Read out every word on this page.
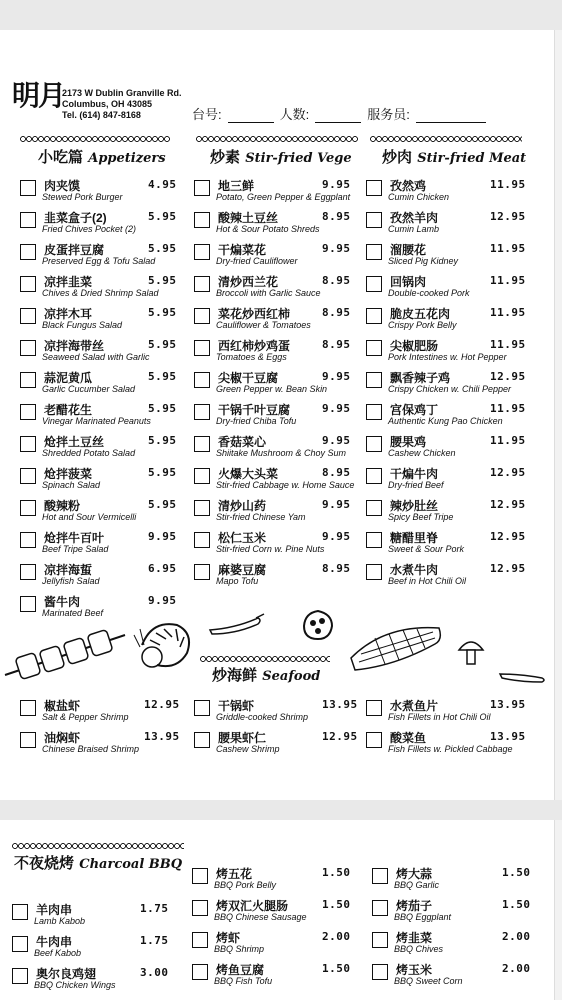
明月
2173 W Dublin Granville Rd.
Columbus, OH 43085
Tel. (614) 847-8168	台号:	人数:	服务员:
小吃篇 Appetizers	炒素 Stir-fried Vege 炒肉 Stir-fried Meat
肉夹馍
Stewed Pork Burger
4.95
韭菜盒子(2)
Fried Chives Pocket (2)
5.95
皮蛋拌豆腐
Preserved Egg & Tofu Salad
5.95
凉拌韭菜
Chives & Dried Shrimp Salad
5.95
凉拌木耳
Black Fungus Salad
5.95
凉拌海带丝
Seaweed Salad with Garlic
5.95
蒜泥黄瓜
Garlic Cucumber Salad
5.95
老醋花生
Vinegar Marinated Peanuts
5.95
炝拌土豆丝
Shredded Potato Salad
5.95
炝拌菠菜
Spinach Salad
5.95
酸辣粉
Hot and Sour Vermicelli
5.95
炝拌牛百叶
Beef Tripe Salad
9.95
凉拌海蜇
Jellyfish Salad
6.95
酱牛肉
Marinated Beef
9.95
地三鲜
Potato, Green Pepper & Eggplant
9.95
酸辣土豆丝
Hot & Sour Potato Shreds
8.95
干煸菜花
Dry-fried Cauliflower
9.95
清炒西兰花
Broccoli with Garlic Sauce
8.95
菜花炒西红柿
Cauliflower & Tomatoes
8.95
西红柿炒鸡蛋
Tomatoes & Eggs
8.95
尖椒干豆腐
Green Pepper w. Bean Skin
9.95
干锅千叶豆腐
Dry-fried Chiba Tofu
9.95
香菇菜心
Shiitake Mushroom & Choy Sum
9.95
火爆大头菜
Stir-fried Cabbage w. Home Sauce
8.95
清炒山药
Stir-fried Chinese Yam
9.95
松仁玉米
Stir-fried Corn w. Pine Nuts
9.95
麻婆豆腐
Mapo Tofu
8.95
孜然鸡
Cumin Chicken
11.95
孜然羊肉
Cumin Lamb
12.95
溜腰花
Sliced Pig Kidney
11.95
回锅肉
Double-cooked Pork
11.95
脆皮五花肉
Crispy Pork Belly
11.95
尖椒肥肠
Pork Intestines w. Hot Pepper
11.95
飘香辣子鸡
Crispy Chicken w. Chili Pepper
12.95
宫保鸡丁
Authentic Kung Pao Chicken
11.95
腰果鸡
Cashew Chicken
11.95
干煸牛肉
Dry-fried Beef
12.95
辣炒肚丝
Spicy Beef Tripe
12.95
糖醋里脊
Sweet & Sour Pork
12.95
水煮牛肉
Beef in Hot Chili Oil
12.95
炒海鲜 Seafood
椒盐虾
Salt & Pepper Shrimp
12.95
油焖虾
Chinese Braised Shrimp
13.95
干锅虾
Griddle-cooked Shrimp
13.95
腰果虾仁
Cashew Shrimp
12.95
水煮鱼片
Fish Fillets in Hot Chili Oil
13.95
酸菜鱼
Fish Fillets w. Pickled Cabbage
13.95
不夜烧烤 Charcoal BBQ
羊肉串
Lamb Kabob
1.75
牛肉串
Beef Kabob
1.75
奥尔良鸡翅
BBQ Chicken Wings
3.00
烤五花
BBQ Pork Belly
1.50
烤双汇火腿肠
BBQ Chinese Sausage
1.50
烤虾
BBQ Shrimp
2.00
烤鱼豆腐
BBQ Fish Tofu
1.50
烤大蒜
BBQ Garlic
1.50
烤茄子
BBQ Eggplant
1.50
烤韭菜
BBQ Chives
2.00
烤玉米
BBQ Sweet Corn
2.00
